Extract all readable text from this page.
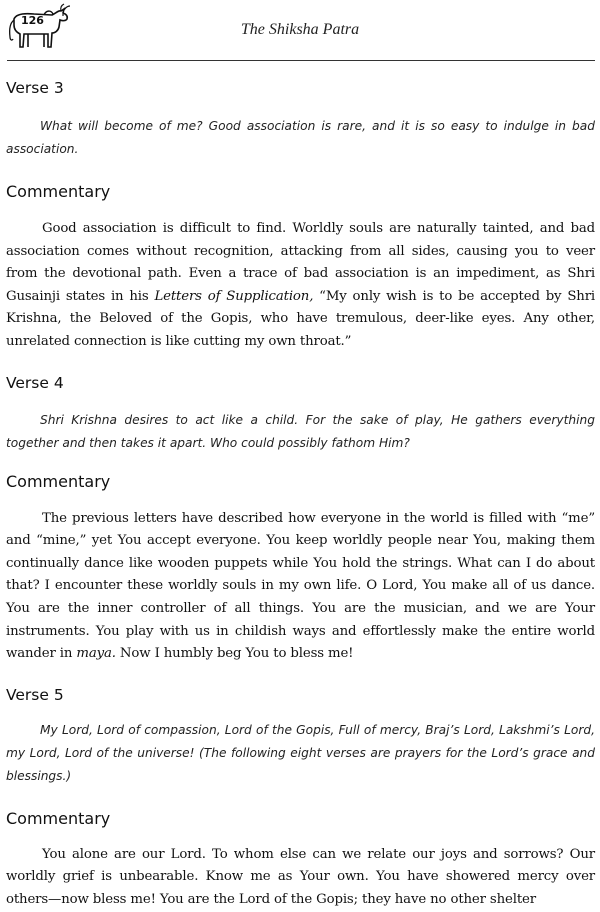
126
The Shiksha Patra
Verse 3

What will become of me? Good association is rare, and it is so easy to indulge in bad association.

Commentary

Good association is difficult to find. Worldly souls are naturally tainted, and bad association comes without recognition, attacking from all sides, causing you to veer from the devotional path. Even a trace of bad association is an impediment, as Shri Gusainji states in his Letters of Supplication, “My only wish is to be accepted by Shri Krishna, the Beloved of the Gopis, who have tremulous, deer-like eyes. Any other, unrelated connection is like cutting my own throat.”

Verse 4

Shri Krishna desires to act like a child. For the sake of play, He gathers everything together and then takes it apart. Who could possibly fathom Him?

Commentary

The previous letters have described how everyone in the world is filled with “me” and “mine,” yet You accept everyone. You keep worldly people near You, making them continually dance like wooden puppets while You hold the strings. What can I do about that? I encounter these worldly souls in my own life. O Lord, You make all of us dance. You are the inner controller of all things. You are the musician, and we are Your instruments. You play with us in childish ways and effortlessly make the entire world wander in maya. Now I humbly beg You to bless me!

Verse 5

My Lord, Lord of compassion, Lord of the Gopis, Full of mercy, Braj’s Lord, Lakshmi’s Lord, my Lord, Lord of the universe! (The following eight verses are prayers for the Lord’s grace and blessings.)

Commentary

You alone are our Lord. To whom else can we relate our joys and sorrows? Our worldly grief is unbearable. Know me as Your own. You have showered mercy over others—now bless me! You are the Lord of the Gopis; they have no other shelter
